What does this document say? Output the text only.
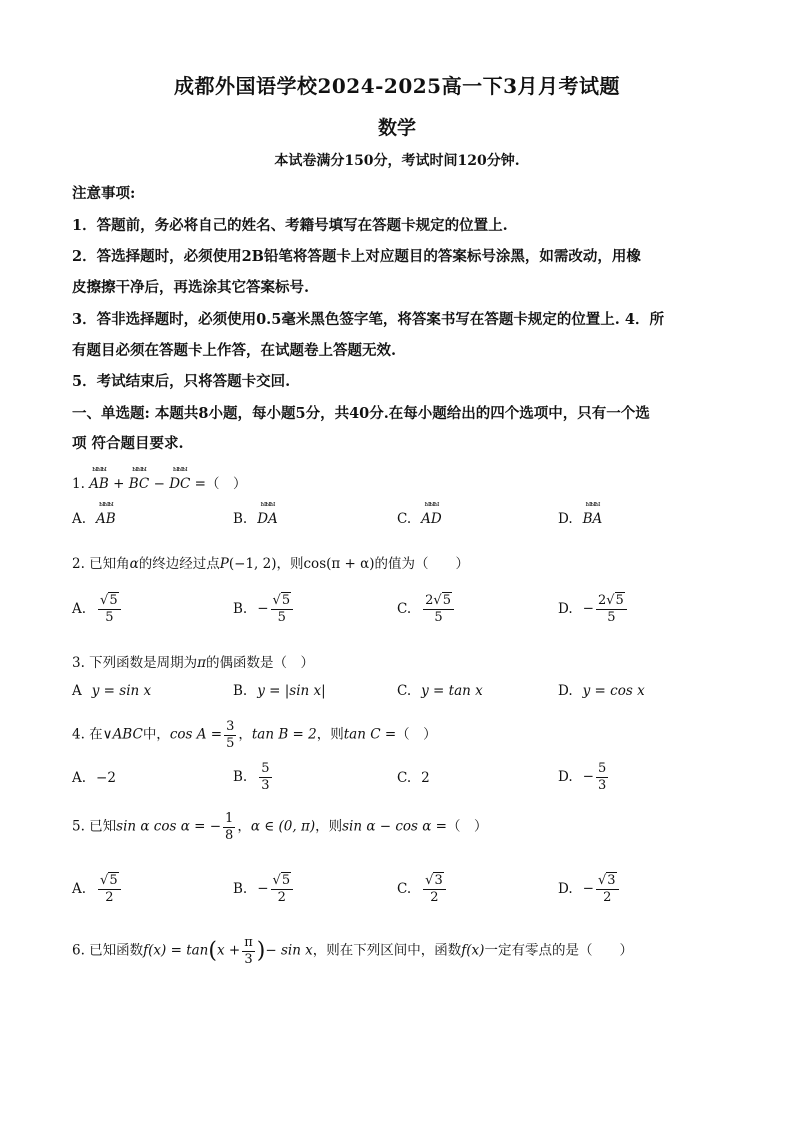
成都外国语学校2024-2025高一下3月月考试题
数学
本试卷满分150分，考试时间120分钟.
注意事项:
1．答题前，务必将自己的姓名、考籍号填写在答题卡规定的位置上.
2．答选择题时，必须使用2B铅笔将答题卡上对应题目的答案标号涂黑，如需改动，用橡
皮擦擦干净后，再选涂其它答案标号.
3．答非选择题时，必须使用0.5毫米黑色签字笔，将答案书写在答题卡规定的位置上. 4．所
有题目必须在答题卡上作答，在试题卷上答题无效.
5．考试结束后，只将答题卡交回.
一、单选题: 本题共8小题，每小题5分，共40分.在每小题给出的四个选项中，只有一个选
项 符合题目要求.
1. ыыы AB + ыыы BC − ыыы DC =（　）
A. ыыы AB	B. ыыы DA	C. ыыы AD	D. ыыы BA
2. 已知角α的终边经过点P(−1, 2)，则cos(π + α)的值为（　　）
A. $\frac{√5}{5}$	B. − $\frac{√5}{5}$	C. $\frac{2√5}{5}$	D. − $\frac{2√5}{5}$
3. 下列函数是周期为π的偶函数是（　）
A y = sin x	B. y = |sin x|	C. y = tan x	D. y = cos x
4. 在∨ABC中，$\cos A = \frac{3}{5}$ ，tan B = 2，则tan C =（　）
A. −2	B. $\frac{5}{3}$	C. 2	D. − $\frac{5}{3}$
5. 已知sin α cos α = − $\frac{1}{8}$ ，α ∈ (0, π)，则sin α − cos α =（　）
A. $\frac{√5}{2}$	B. − $\frac{√5}{2}$	C. $\frac{√3}{2}$	D. − $\frac{√3}{2}$
6. 已知函数$f(x) = \tan(x + \frac{\pi}{3}$ )− sin x，则在下列区间中，函数f(x)一定有零点的是（　　）
